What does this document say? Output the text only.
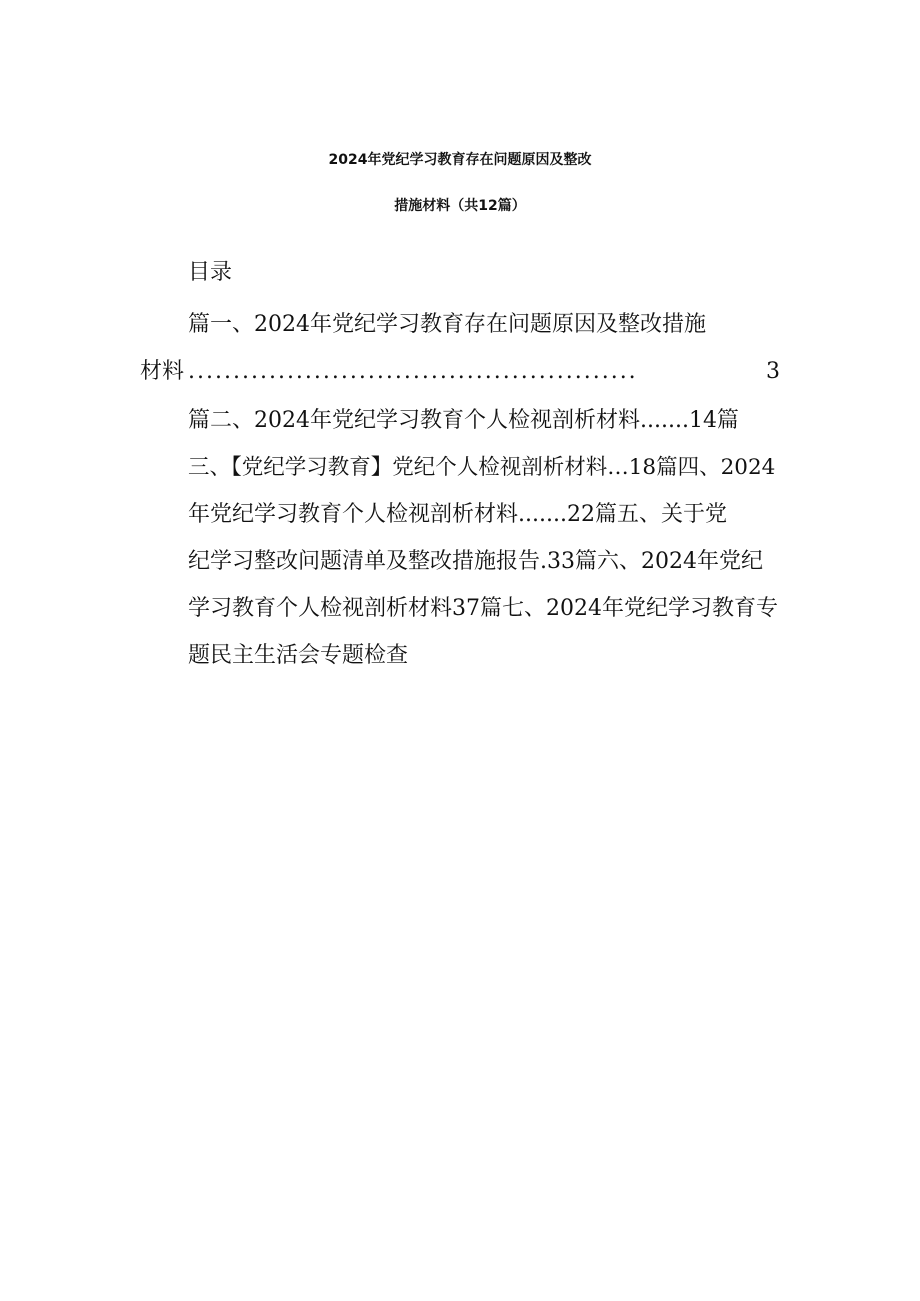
2024年党纪学习教育存在问题原因及整改
措施材料（共12篇）
目录
篇一、2024年党纪学习教育存在问题原因及整改措施
材料 ..................................................	3
篇二、2024年党纪学习教育个人检视剖析材料.......14篇
三、【党纪学习教育】党纪个人检视剖析材料…18篇四、2024
年党纪学习教育个人检视剖析材料.......22篇五、关于党
纪学习整改问题清单及整改措施报告.33篇六、2024年党纪
学习教育个人检视剖析材料37篇七、2024年党纪学习教育专
题民主生活会专题检查
